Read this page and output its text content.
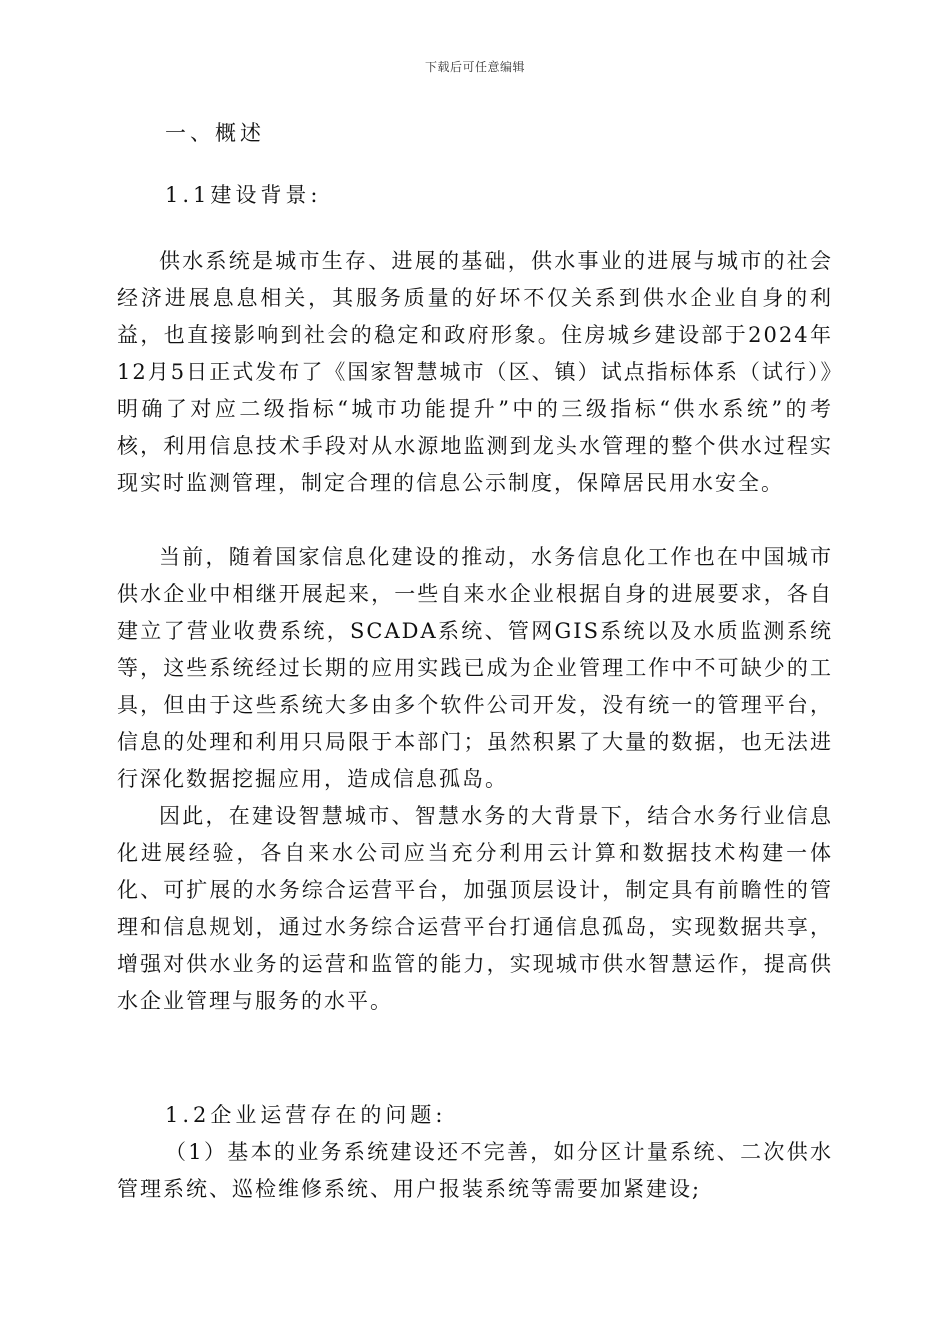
下载后可任意编辑
一、概述
1.1建设背景:
供水系统是城市生存、进展的基础，供水事业的进展与城市的社会经济进展息息相关，其服务质量的好坏不仅关系到供水企业自身的利益，也直接影响到社会的稳定和政府形象。住房城乡建设部于2024年12月5日正式发布了《国家智慧城市（区、镇）试点指标体系（试行）》明确了对应二级指标“城市功能提升”中的三级指标“供水系统”的考核，利用信息技术手段对从水源地监测到龙头水管理的整个供水过程实现实时监测管理，制定合理的信息公示制度，保障居民用水安全。
当前，随着国家信息化建设的推动，水务信息化工作也在中国城市供水企业中相继开展起来，一些自来水企业根据自身的进展要求，各自建立了营业收费系统，SCADA系统、管网GIS系统以及水质监测系统等，这些系统经过长期的应用实践已成为企业管理工作中不可缺少的工具，但由于这些系统大多由多个软件公司开发，没有统一的管理平台，信息的处理和利用只局限于本部门；虽然积累了大量的数据，也无法进行深化数据挖掘应用，造成信息孤岛。
因此，在建设智慧城市、智慧水务的大背景下，结合水务行业信息化进展经验，各自来水公司应当充分利用云计算和数据技术构建一体化、可扩展的水务综合运营平台，加强顶层设计，制定具有前瞻性的管理和信息规划，通过水务综合运营平台打通信息孤岛，实现数据共享，增强对供水业务的运营和监管的能力，实现城市供水智慧运作，提高供水企业管理与服务的水平。
1.2企业运营存在的问题:
（1）基本的业务系统建设还不完善，如分区计量系统、二次供水管理系统、巡检维修系统、用户报装系统等需要加紧建设;
